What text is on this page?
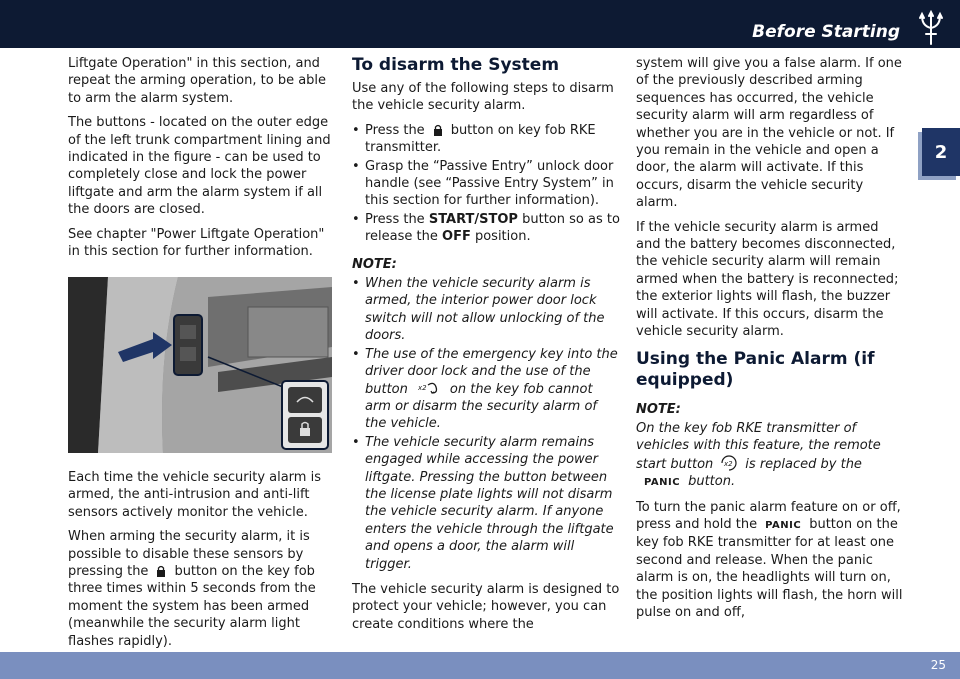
Before Starting
2

Liftgate Operation" in this section, and repeat the arming operation, to be able to arm the alarm system.

The buttons - located on the outer edge of the left trunk compartment lining and indicated in the figure - can be used to completely close and lock the power liftgate and arm the alarm system if all the doors are closed.

See chapter "Power Liftgate Operation" in this section for further information.

Each time the vehicle security alarm is armed, the anti-intrusion and anti-lift sensors actively monitor the vehicle.

When arming the security alarm, it is possible to disable these sensors by pressing the button on the key fob three times within 5 seconds from the moment the system has been armed (meanwhile the security alarm light flashes rapidly).

To disarm the System

Use any of the following steps to disarm the vehicle security alarm.

• Press the button on key fob RKE transmitter.
• Grasp the “Passive Entry” unlock door handle (see “Passive Entry System” in this section for further information).
• Press the START/STOP button so as to release the OFF position.
NOTE:
• When the vehicle security alarm is armed, the interior power door lock switch will not allow unlocking of the doors.
• The use of the emergency key into the driver door lock and the use of the button x2 on the key fob cannot arm or disarm the security alarm of the vehicle.
• The vehicle security alarm remains engaged while accessing the power liftgate. Pressing the button between the license plate lights will not disarm the vehicle security alarm. If anyone enters the vehicle through the liftgate and opens a door, the alarm will trigger.

The vehicle security alarm is designed to protect your vehicle; however, you can create conditions where the

system will give you a false alarm. If one of the previously described arming sequences has occurred, the vehicle security alarm will arm regardless of whether you are in the vehicle or not. If you remain in the vehicle and open a door, the alarm will activate. If this occurs, disarm the vehicle security alarm.

If the vehicle security alarm is armed and the battery becomes disconnected, the vehicle security alarm will remain armed when the battery is reconnected; the exterior lights will flash, the buzzer will activate. If this occurs, disarm the vehicle security alarm.

Using the Panic Alarm (if equipped)
NOTE:

On the key fob RKE transmitter of vehicles with this feature, the remote start button x2 is replaced by the
PANIC button.

To turn the panic alarm feature on or off, press and hold the PANIC button on the key fob RKE transmitter for at least one second and release. When the panic alarm is on, the headlights will turn on, the position lights will flash, the horn will pulse on and off,

25
